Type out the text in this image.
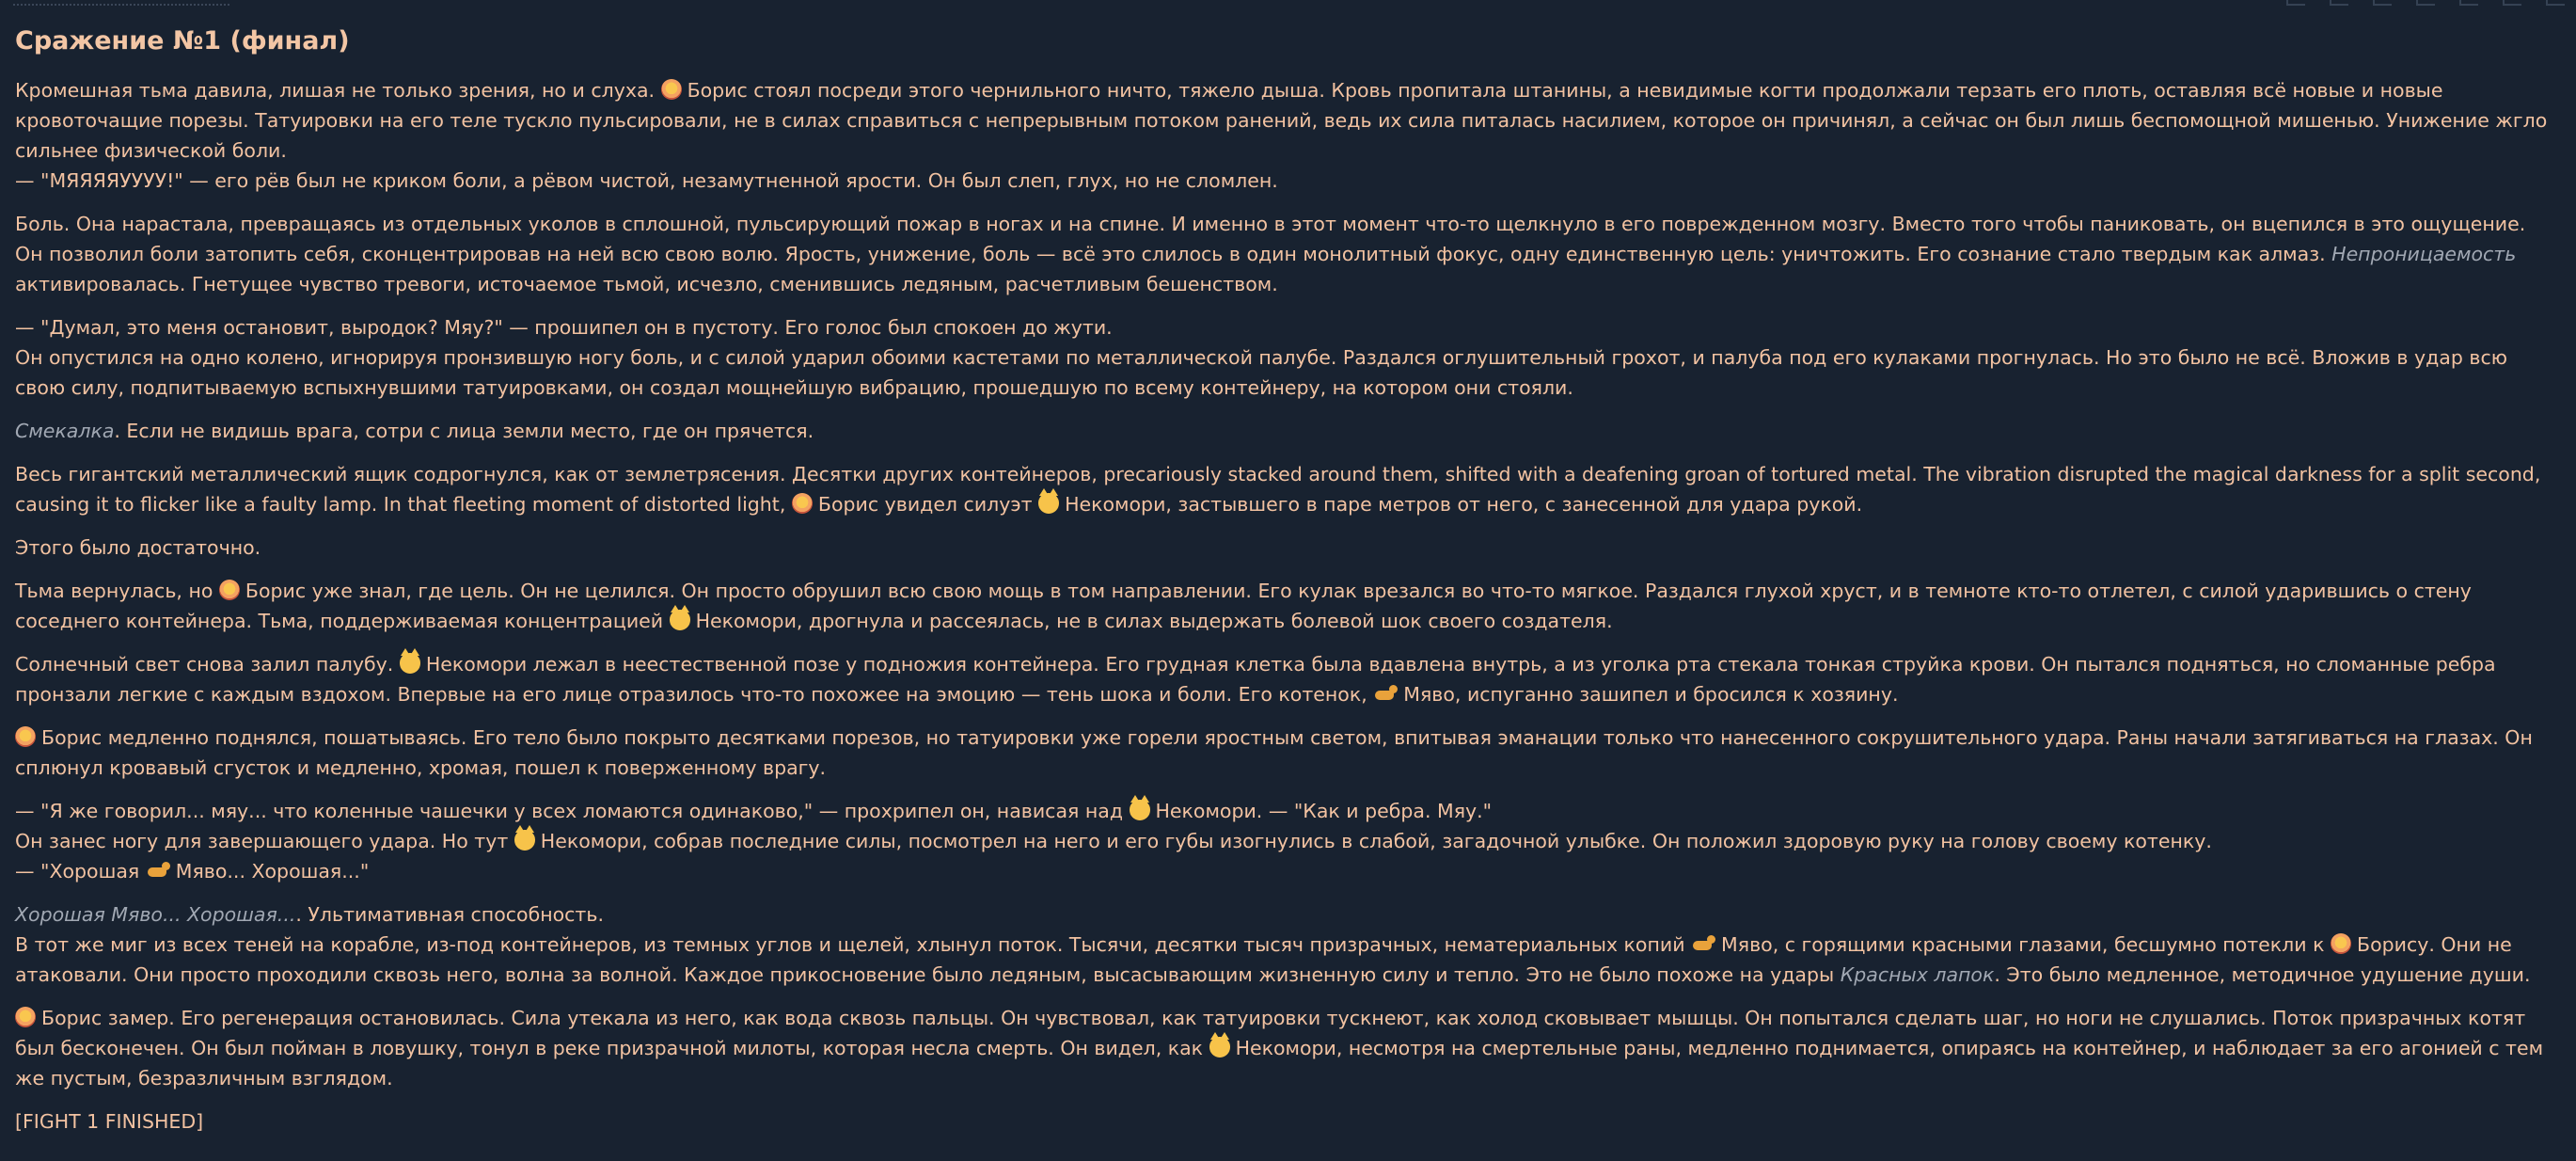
Сражение №1 (финал)

Кромешная тьма давила, лишая не только зрения, но и слуха. Борис стоял посреди этого чернильного ничто, тяжело дыша. Кровь пропитала штанины, а невидимые когти продолжали терзать его плоть, оставляя всё новые и новые кровоточащие порезы. Татуировки на его теле тускло пульсировали, не в силах справиться с непрерывным потоком ранений, ведь их сила питалась насилием, которое он причинял, а сейчас он был лишь беспомощной мишенью. Унижение жгло сильнее физической боли.
— "МЯЯЯЯУУУУ!" — его рёв был не криком боли, а рёвом чистой, незамутненной ярости. Он был слеп, глух, но не сломлен.

Боль. Она нарастала, превращаясь из отдельных уколов в сплошной, пульсирующий пожар в ногах и на спине. И именно в этот момент что-то щелкнуло в его поврежденном мозгу. Вместо того чтобы паниковать, он вцепился в это ощущение. Он позволил боли затопить себя, сконцентрировав на ней всю свою волю. Ярость, унижение, боль — всё это слилось в один монолитный фокус, одну единственную цель: уничтожить. Его сознание стало твердым как алмаз. Непроницаемость активировалась. Гнетущее чувство тревоги, источаемое тьмой, исчезло, сменившись ледяным, расчетливым бешенством.

— "Думал, это меня остановит, выродок? Мяу?" — прошипел он в пустоту. Его голос был спокоен до жути.
Он опустился на одно колено, игнорируя пронзившую ногу боль, и с силой ударил обоими кастетами по металлической палубе. Раздался оглушительный грохот, и палуба под его кулаками прогнулась. Но это было не всё. Вложив в удар всю свою силу, подпитываемую вспыхнувшими татуировками, он создал мощнейшую вибрацию, прошедшую по всему контейнеру, на котором они стояли.

Смекалка. Если не видишь врага, сотри с лица земли место, где он прячется.

Весь гигантский металлический ящик содрогнулся, как от землетрясения. Десятки других контейнеров, precariously stacked around them, shifted with a deafening groan of tortured metal. The vibration disrupted the magical darkness for a split second, causing it to flicker like a faulty lamp. In that fleeting moment of distorted light, Борис увидел силуэт Некомори, застывшего в паре метров от него, с занесенной для удара рукой.

Этого было достаточно.

Тьма вернулась, но Борис уже знал, где цель. Он не целился. Он просто обрушил всю свою мощь в том направлении. Его кулак врезался во что-то мягкое. Раздался глухой хруст, и в темноте кто-то отлетел, с силой ударившись о стену соседнего контейнера. Тьма, поддерживаемая концентрацией Некомори, дрогнула и рассеялась, не в силах выдержать болевой шок своего создателя.

Солнечный свет снова залил палубу. Некомори лежал в неестественной позе у подножия контейнера. Его грудная клетка была вдавлена внутрь, а из уголка рта стекала тонкая струйка крови. Он пытался подняться, но сломанные ребра пронзали легкие с каждым вздохом. Впервые на его лице отразилось что-то похожее на эмоцию — тень шока и боли. Его котенок, Мяво, испуганно зашипел и бросился к хозяину.

Борис медленно поднялся, пошатываясь. Его тело было покрыто десятками порезов, но татуировки уже горели яростным светом, впитывая эманации только что нанесенного сокрушительного удара. Раны начали затягиваться на глазах. Он сплюнул кровавый сгусток и медленно, хромая, пошел к поверженному врагу.

— "Я же говорил... мяу... что коленные чашечки у всех ломаются одинаково," — прохрипел он, нависая над Некомори. — "Как и ребра. Мяу."
Он занес ногу для завершающего удара. Но тут Некомори, собрав последние силы, посмотрел на него и его губы изогнулись в слабой, загадочной улыбке. Он положил здоровую руку на голову своему котенку.
— "Хорошая Мяво... Хорошая..."

Хорошая Мяво... Хорошая.... Ультимативная способность.
В тот же миг из всех теней на корабле, из-под контейнеров, из темных углов и щелей, хлынул поток. Тысячи, десятки тысяч призрачных, нематериальных копий Мяво, с горящими красными глазами, бесшумно потекли к Борису. Они не атаковали. Они просто проходили сквозь него, волна за волной. Каждое прикосновение было ледяным, высасывающим жизненную силу и тепло. Это не было похоже на удары Красных лапок. Это было медленное, методичное удушение души.

Борис замер. Его регенерация остановилась. Сила утекала из него, как вода сквозь пальцы. Он чувствовал, как татуировки тускнеют, как холод сковывает мышцы. Он попытался сделать шаг, но ноги не слушались. Поток призрачных котят был бесконечен. Он был пойман в ловушку, тонул в реке призрачной милоты, которая несла смерть. Он видел, как Некомори, несмотря на смертельные раны, медленно поднимается, опираясь на контейнер, и наблюдает за его агонией с тем же пустым, безразличным взглядом.

[FIGHT 1 FINISHED]
